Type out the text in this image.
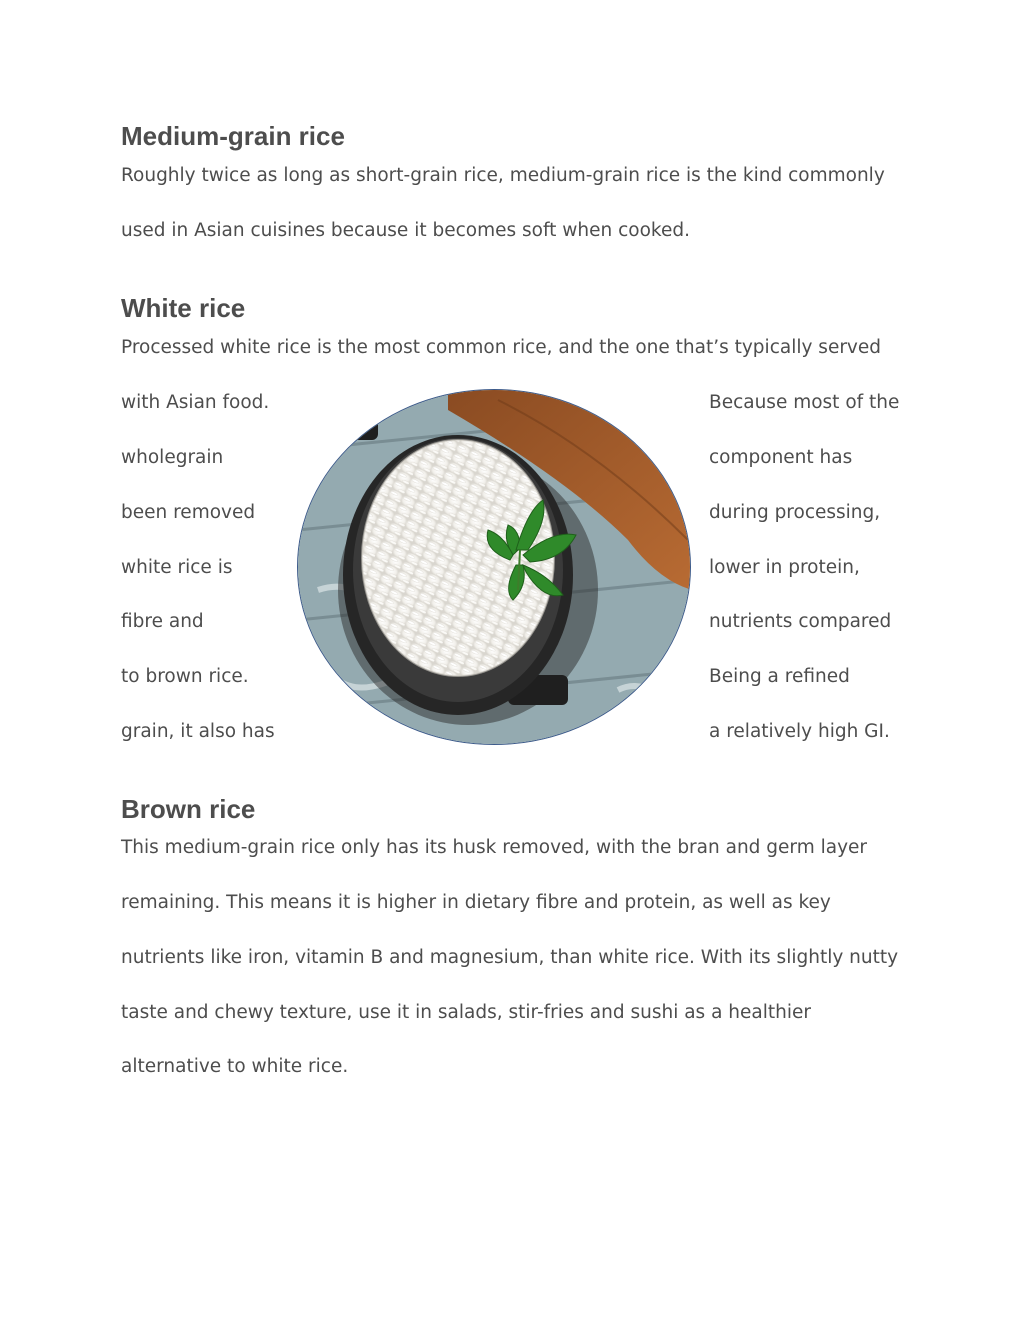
Medium-grain rice

Roughly twice as long as short-grain rice, medium-grain rice is the kind commonly

used in Asian cuisines because it becomes soft when cooked.

White rice

Processed white rice is the most common rice, and the one that’s typically served

with Asian food.

wholegrain

been removed

white rice is

fibre and

to brown rice.

grain, it also has

Because most of the

component has

during processing,

lower in protein,

nutrients compared

Being a refined

a relatively high GI.

Brown rice

This medium-grain rice only has its husk removed, with the bran and germ layer

remaining. This means it is higher in dietary fibre and protein, as well as key

nutrients like iron, vitamin B and magnesium, than white rice. With its slightly nutty

taste and chewy texture, use it in salads, stir-fries and sushi as a healthier

alternative to white rice.
